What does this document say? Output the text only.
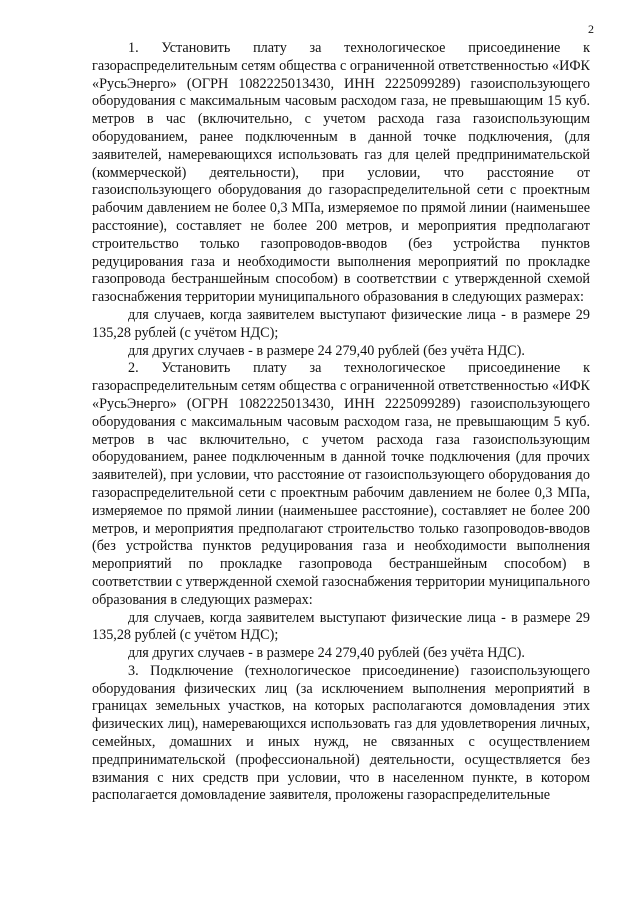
2

1. Установить плату за технологическое присоединение к газораспределительным сетям общества с ограниченной ответственностью «ИФК «РусьЭнерго» (ОГРН 1082225013430, ИНН 2225099289) газоиспользующего оборудования с максимальным часовым расходом газа, не превышающим 15 куб. метров в час (включительно, с учетом расхода газа газоиспользующим оборудованием, ранее подключенным в данной точке подключения, (для заявителей, намеревающихся использовать газ для целей предпринимательской (коммерческой) деятельности), при условии, что расстояние от газоиспользующего оборудования до газораспределительной сети с проектным рабочим давлением не более 0,3 МПа, измеряемое по прямой линии (наименьшее расстояние), составляет не более 200 метров, и мероприятия предполагают строительство только газопроводов-вводов (без устройства пунктов редуцирования газа и необходимости выполнения мероприятий по прокладке газопровода бестраншейным способом) в соответствии с утвержденной схемой газоснабжения территории муниципального образования в следующих размерах:

для случаев, когда заявителем выступают физические лица - в размере 29 135,28 рублей (с учётом НДС);

для других случаев - в размере 24 279,40 рублей (без учёта НДС).

2. Установить плату за технологическое присоединение к газораспределительным сетям общества с ограниченной ответственностью «ИФК «РусьЭнерго» (ОГРН 1082225013430, ИНН 2225099289) газоиспользующего оборудования с максимальным часовым расходом газа, не превышающим 5 куб. метров в час включительно, с учетом расхода газа газоиспользующим оборудованием, ранее подключенным в данной точке подключения (для прочих заявителей), при условии, что расстояние от газоиспользующего оборудования до газораспределительной сети с проектным рабочим давлением не более 0,3 МПа, измеряемое по прямой линии (наименьшее расстояние), составляет не более 200 метров, и мероприятия предполагают строительство только газопроводов-вводов (без устройства пунктов редуцирования газа и необходимости выполнения мероприятий по прокладке газопровода бестраншейным способом) в соответствии с утвержденной схемой газоснабжения территории муниципального образования в следующих размерах:

для случаев, когда заявителем выступают физические лица - в размере 29 135,28 рублей (с учётом НДС);

для других случаев - в размере 24 279,40 рублей (без учёта НДС).

3. Подключение (технологическое присоединение) газоиспользующего оборудования физических лиц (за исключением выполнения мероприятий в границах земельных участков, на которых располагаются домовладения этих физических лиц), намеревающихся использовать газ для удовлетворения личных, семейных, домашних и иных нужд, не связанных с осуществлением предпринимательской (профессиональной) деятельности, осуществляется без взимания с них средств при условии, что в населенном пункте, в котором располагается домовладение заявителя, проложены газораспределительные
